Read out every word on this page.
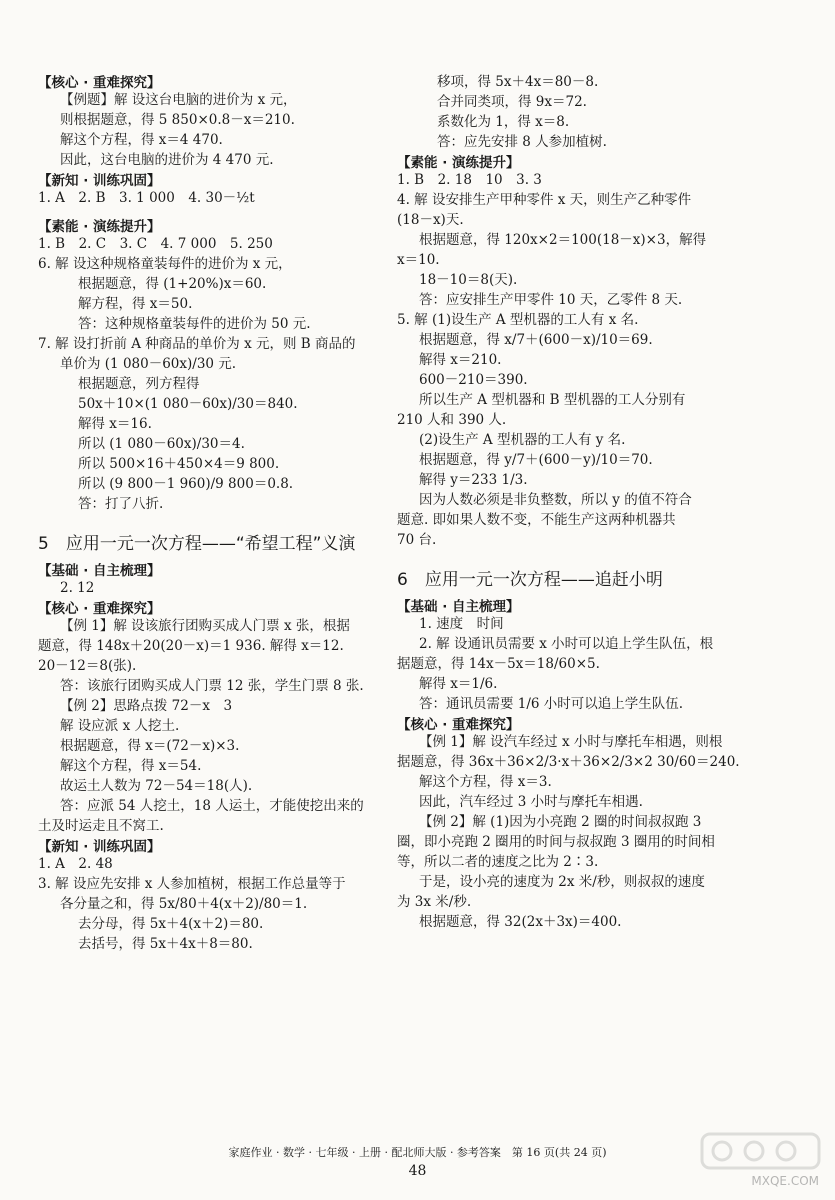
【核心 · 重难探究】
【例题】解 设这台电脑的进价为 x 元，
则根据题意，得 5 850×0.8－x＝210.
解这个方程，得 x＝4 470.
因此，这台电脑的进价为 4 470 元.
【新知 · 训练巩固】
1. A　2. B　3. 1 000　4. 30－½t
【素能 · 演练提升】
1. B　2. C　3. C　4. 7 000　5. 250
6. 解 设这种规格童装每件的进价为 x 元，
根据题意，得 (1+20%)x＝60.
解方程，得 x＝50.
答：这种规格童装每件的进价为 50 元.
7. 解 设打折前 A 种商品的单价为 x 元，则 B 商品的
单价为 (1 080－60x)/30 元.
根据题意，列方程得
50x＋10×(1 080－60x)/30＝840.
解得 x＝16.
所以 (1 080－60x)/30＝4.
所以 500×16＋450×4＝9 800.
所以 (9 800－1 960)/9 800＝0.8.
答：打了八折.
5　应用一元一次方程——“希望工程”义演
【基础 · 自主梳理】
2. 12
【核心 · 重难探究】
【例 1】解 设该旅行团购买成人门票 x 张，根据
题意，得 148x＋20(20－x)＝1 936. 解得 x＝12.
20－12＝8(张).
答：该旅行团购买成人门票 12 张，学生门票 8 张.
【例 2】思路点拨 72－x　3
解 设应派 x 人挖土.
根据题意，得 x＝(72－x)×3.
解这个方程，得 x＝54.
故运土人数为 72－54＝18(人).
答：应派 54 人挖土，18 人运土，才能使挖出来的
土及时运走且不窝工.
【新知 · 训练巩固】
1. A　2. 48
3. 解 设应先安排 x 人参加植树，根据工作总量等于
各分量之和，得 5x/80＋4(x＋2)/80＝1.
去分母，得 5x＋4(x＋2)＝80.
去括号，得 5x＋4x＋8＝80.
移项，得 5x＋4x＝80－8.
合并同类项，得 9x＝72.
系数化为 1，得 x＝8.
答：应先安排 8 人参加植树.
【素能 · 演练提升】
1. B　2. 18　10　3. 3
4. 解 设安排生产甲种零件 x 天，则生产乙种零件
(18－x)天.
根据题意，得 120x×2＝100(18－x)×3，解得
x＝10.
18－10＝8(天).
答：应安排生产甲零件 10 天，乙零件 8 天.
5. 解 (1)设生产 A 型机器的工人有 x 名.
根据题意，得 x/7＋(600－x)/10＝69.
解得 x＝210.
600－210＝390.
所以生产 A 型机器和 B 型机器的工人分别有
210 人和 390 人.
(2)设生产 A 型机器的工人有 y 名.
根据题意，得 y/7＋(600－y)/10＝70.
解得 y＝233 1/3.
因为人数必须是非负整数，所以 y 的值不符合
题意. 即如果人数不变，不能生产这两种机器共
70 台.
6　应用一元一次方程——追赶小明
【基础 · 自主梳理】
1. 速度　时间
2. 解 设通讯员需要 x 小时可以追上学生队伍，根
据题意，得 14x－5x＝18/60×5.
解得 x＝1/6.
答：通讯员需要 1/6 小时可以追上学生队伍.
【核心 · 重难探究】
【例 1】解 设汽车经过 x 小时与摩托车相遇，则根
据题意，得 36x＋36×2/3·x＋36×2/3×2 30/60＝240.
解这个方程，得 x＝3.
因此，汽车经过 3 小时与摩托车相遇.
【例 2】解 (1)因为小亮跑 2 圈的时间叔叔跑 3
圈，即小亮跑 2 圈用的时间与叔叔跑 3 圈用的时间相
等，所以二者的速度之比为 2∶3.
于是，设小亮的速度为 2x 米/秒，则叔叔的速度
为 3x 米/秒.
根据题意，得 32(2x＋3x)＝400.
家庭作业 · 数学 · 七年级 · 上册 · 配北师大版 · 参考答案　第 16 页(共 24 页)
48
MXQE.COM
